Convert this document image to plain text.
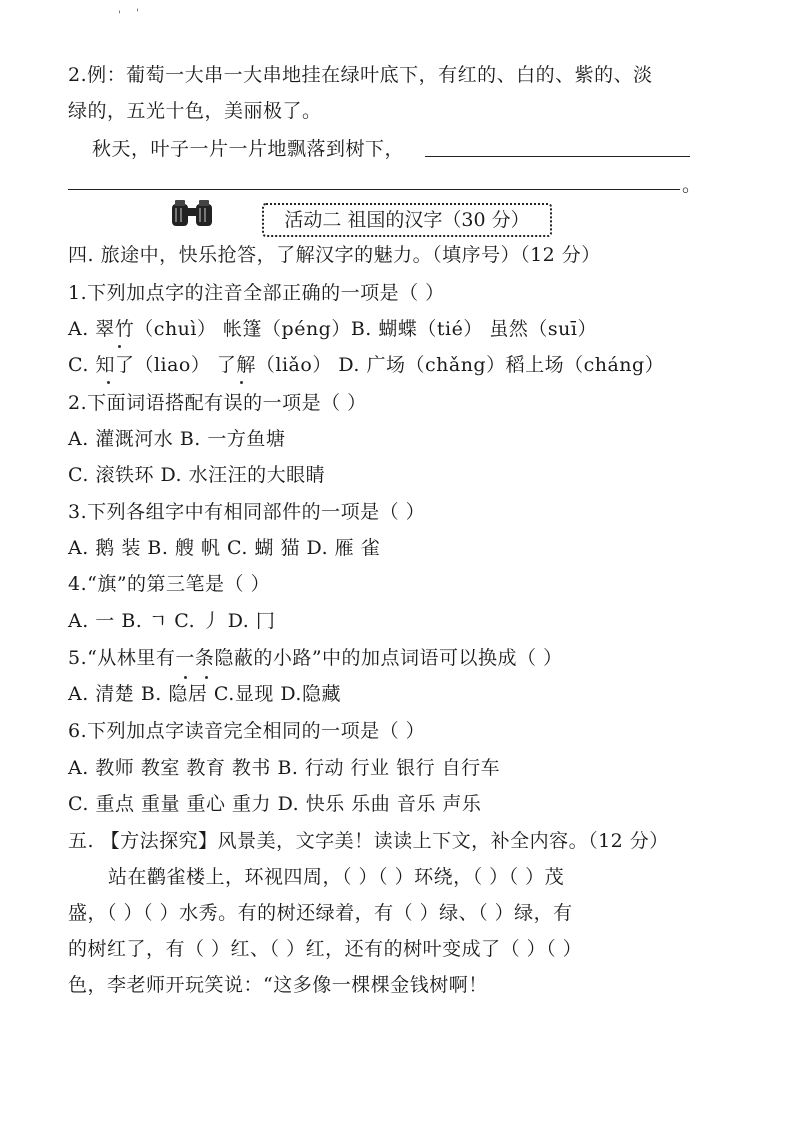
' '
2.例：葡萄一大串一大串地挂在绿叶底下，有红的、白的、紫的、淡
绿的，五光十色，美丽极了。
秋天，叶子一片一片地飘落到树下，
。
活动二 祖国的汉字（30 分）
四. 旅途中，快乐抢答，了解汉字的魅力。（填序号）（12 分）
1.下列加点字的注音全部正确的一项是（ ）
A. 翠竹（chuì） 帐篷（péng）B. 蝴蝶（tié） 虽然（suī）
C. 知了（liao） 了解（liǎo） D. 广场（chǎng）稻上场（cháng）
2.下面词语搭配有误的一项是（ ）
A. 灌溉河水 B. 一方鱼塘
C. 滚铁环 D. 水汪汪的大眼睛
3.下列各组字中有相同部件的一项是（ ）
A. 鹅 装 B. 艘 帆 C. 蝴 猫 D. 雁 雀
4.“旗”的第三笔是（ ）
A. 一 B. ㄱ C. 丿 D. 冂
5.“从林里有一条隐蔽的小路”中的加点词语可以换成（ ）
A. 清楚 B. 隐居 C.显现 D.隐藏
6.下列加点字读音完全相同的一项是（ ）
A. 教师 教室 教育 教书 B. 行动 行业 银行 自行车
C. 重点 重量 重心 重力 D. 快乐 乐曲 音乐 声乐
五. 【方法探究】风景美，文字美！读读上下文，补全内容。（12 分）
站在鹳雀楼上，环视四周，（ ）（ ）环绕，（ ）（ ）茂
盛，（ ）（ ）水秀。有的树还绿着，有（ ）绿、（ ）绿，有
的树红了，有（ ）红、（ ）红，还有的树叶变成了（ ）（ ）
色，李老师开玩笑说：“这多像一棵棵金钱树啊！
